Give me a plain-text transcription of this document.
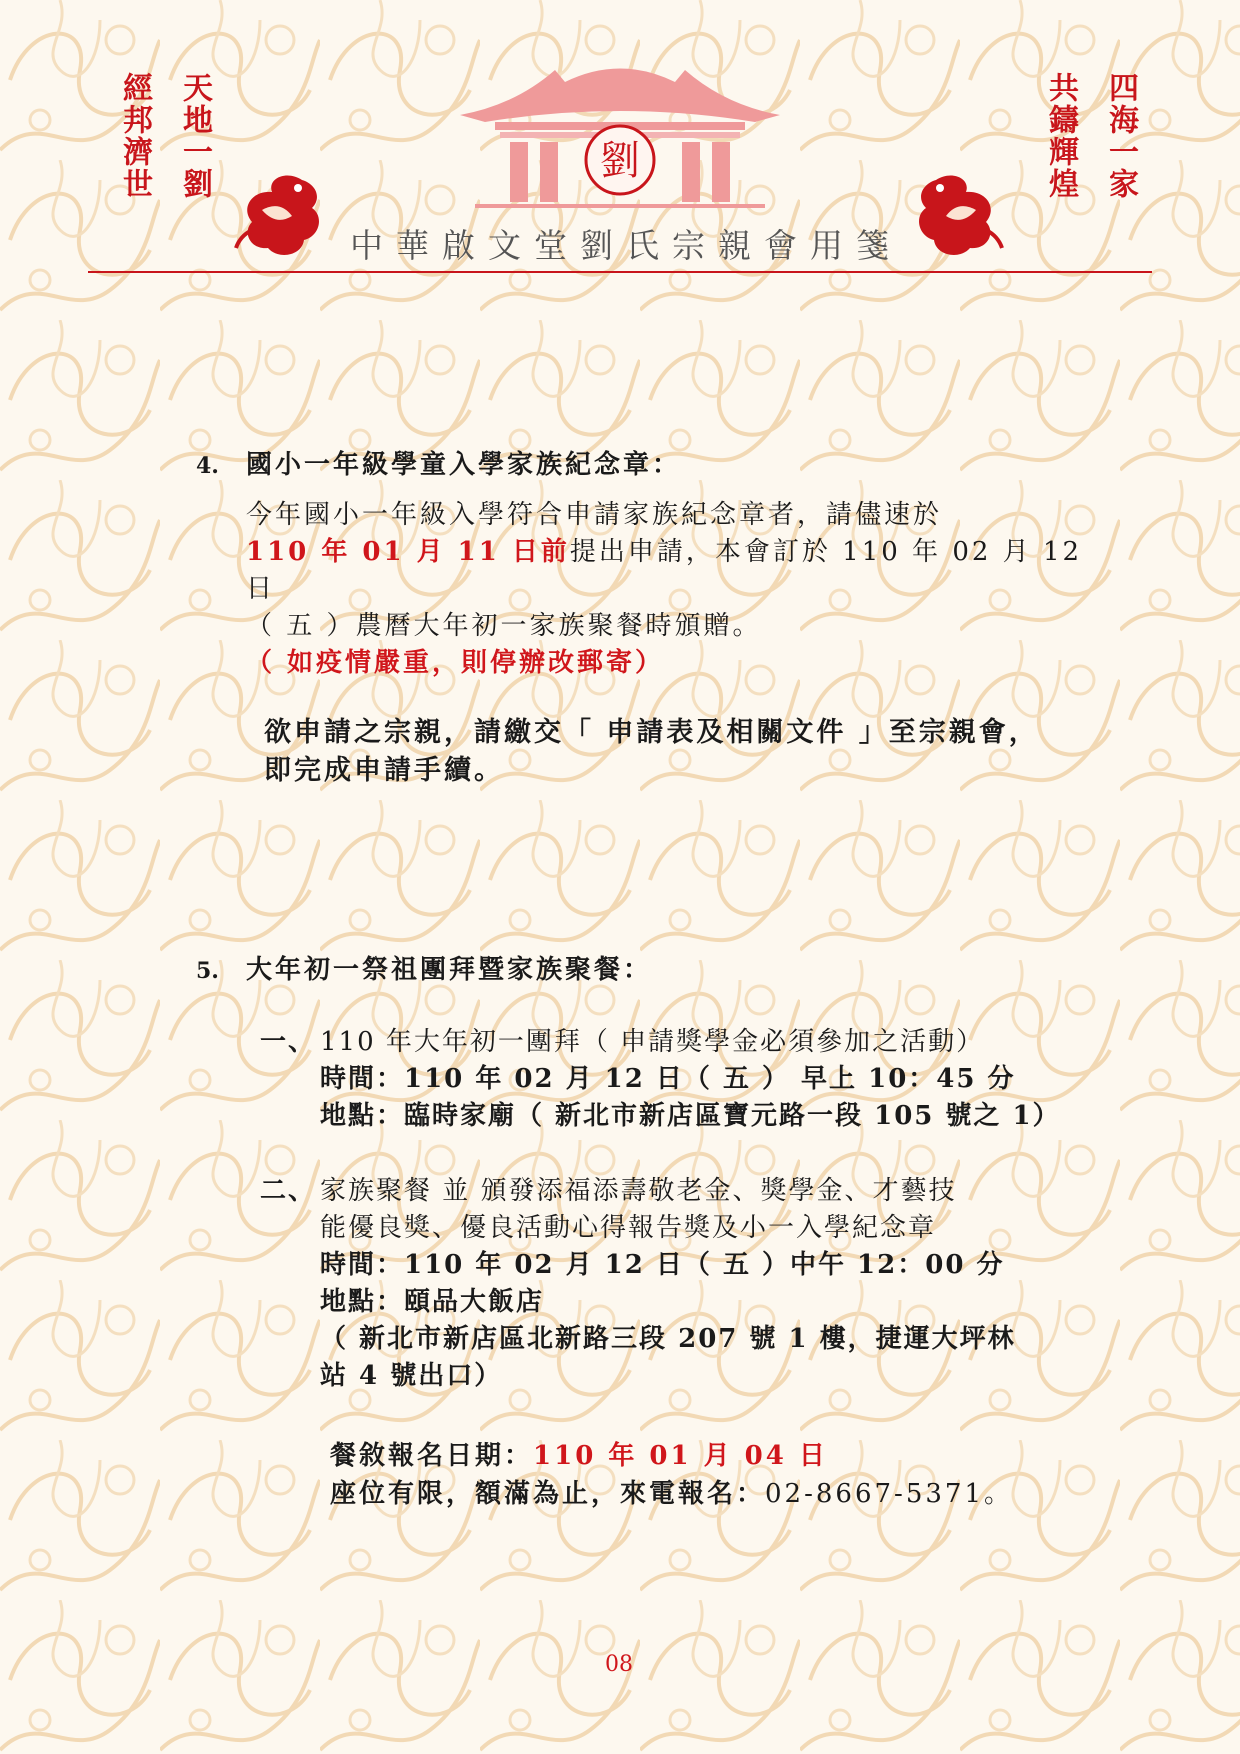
經邦濟世 天地一劉	共鑄輝煌 四海一家
劉
中華啟文堂劉氏宗親會用箋
4.	國小一年級學童入學家族紀念章：

今年國小一年級入學符合申請家族紀念章者，請儘速於

110 年 01 月 11 日前提出申請，本會訂於 110 年 02 月 12 日

（ 五 ）農曆大年初一家族聚餐時頒贈。

（ 如疫情嚴重，則停辦改郵寄）

欲申請之宗親，請繳交「 申請表及相關文件 」至宗親會，

即完成申請手續。

5.	大年初一祭祖團拜暨家族聚餐：
一、 110 年大年初一團拜（ 申請獎學金必須參加之活動）

時間：110 年 02 月 12 日（ 五 ） 早上 10：45 分

地點：臨時家廟（ 新北市新店區寶元路一段 105 號之 1）

二、 家族聚餐 並 頒發添福添壽敬老金、獎學金、才藝技

能優良獎、優良活動心得報告獎及小一入學紀念章

時間：110 年 02 月 12 日（ 五 ）中午 12：00 分

地點：頤品大飯店

（ 新北市新店區北新路三段 207 號 1 樓，捷運大坪林

站 4 號出口）

餐敘報名日期：110 年 01 月 04 日

座位有限，額滿為止，來電報名：02-8667-5371。

08
